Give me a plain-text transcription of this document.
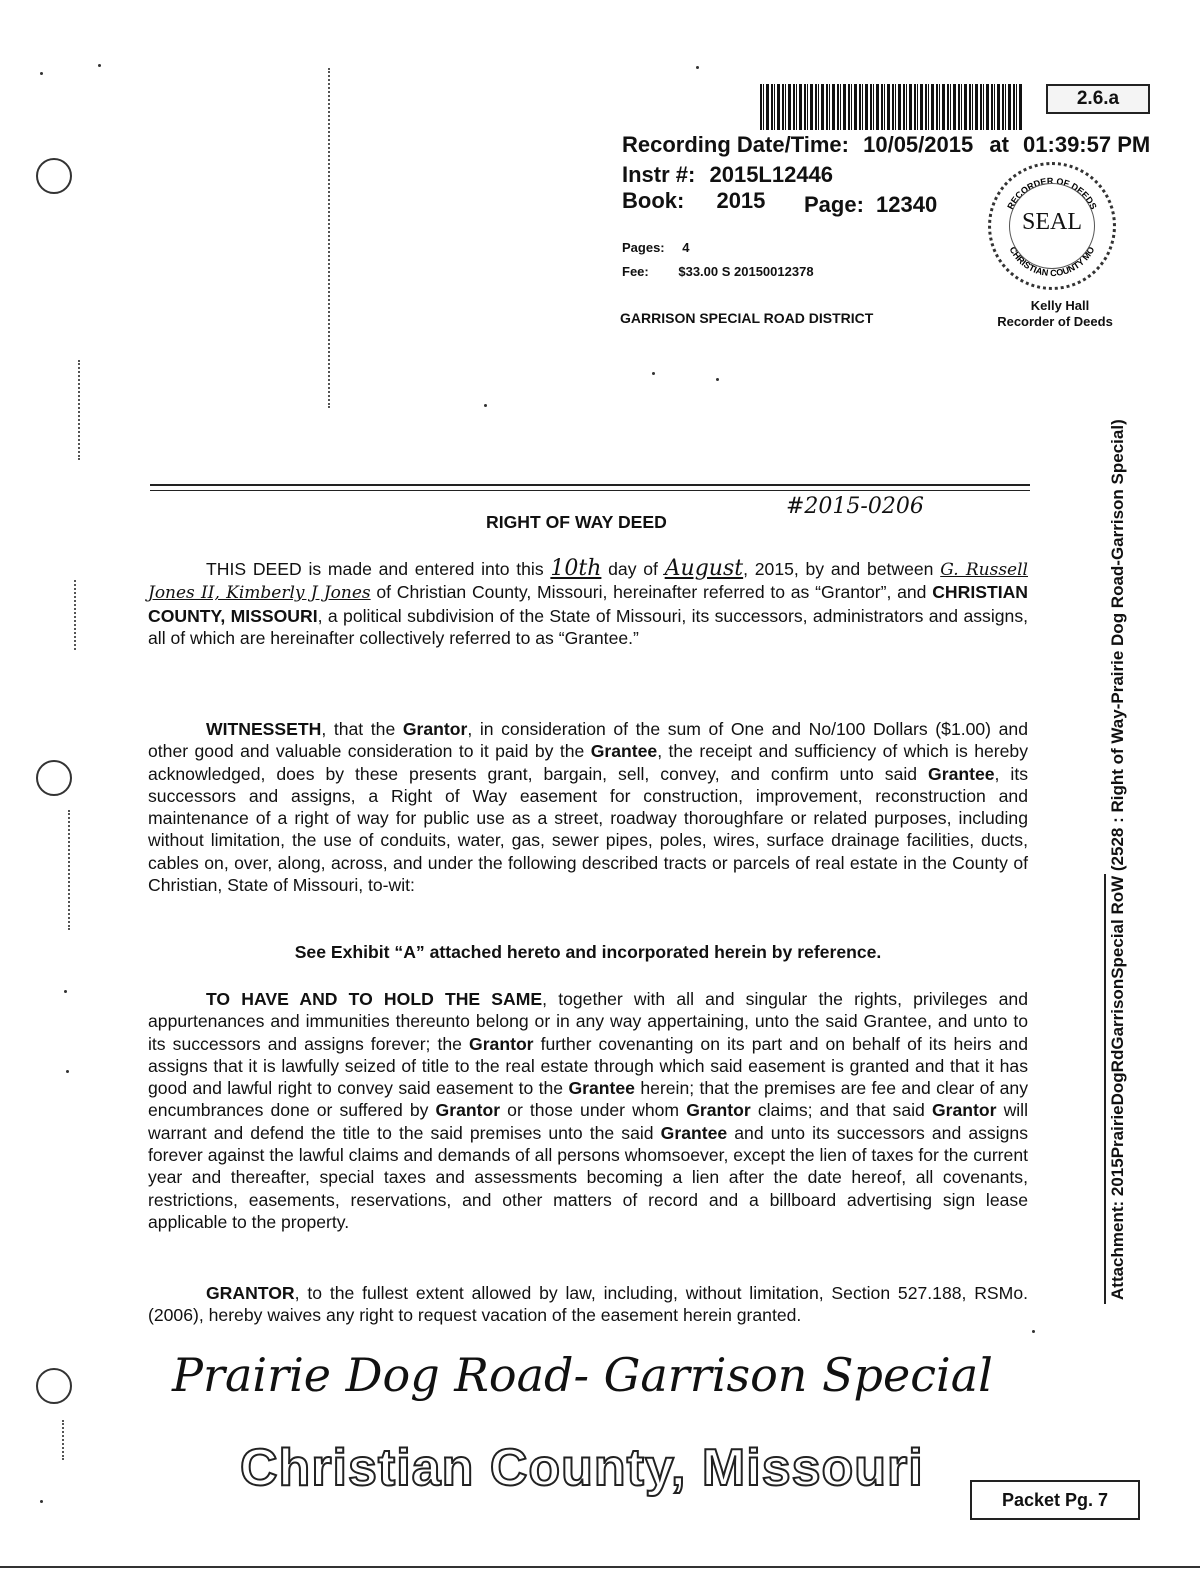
2.6.a
Recording Date/Time: 10/05/2015 at 01:39:57 PM
Instr #: 2015L12446
Book: 2015 Page: 12340
Pages: 4
Fee: $33.00 S 20150012378
GARRISON SPECIAL ROAD DISTRICT
RECORDER OF DEEDS
CHRISTIAN COUNTY MO
SEAL
Kelly Hall
Recorder of Deeds
RIGHT OF WAY DEED
#2015-0206
THIS DEED is made and entered into this 10th day of August, 2015, by and between G. Russell Jones II, Kimberly J Jones of Christian County, Missouri, hereinafter referred to as “Grantor”, and CHRISTIAN COUNTY, MISSOURI, a political subdivision of the State of Missouri, its successors, administrators and assigns, all of which are hereinafter collectively referred to as “Grantee.”
WITNESSETH, that the Grantor, in consideration of the sum of One and No/100 Dollars ($1.00) and other good and valuable consideration to it paid by the Grantee, the receipt and sufficiency of which is hereby acknowledged, does by these presents grant, bargain, sell, convey, and confirm unto said Grantee, its successors and assigns, a Right of Way easement for construction, improvement, reconstruction and maintenance of a right of way for public use as a street, roadway thoroughfare or related purposes, including without limitation, the use of conduits, water, gas, sewer pipes, poles, wires, surface drainage facilities, ducts, cables on, over, along, across, and under the following described tracts or parcels of real estate in the County of Christian, State of Missouri, to-wit:
See Exhibit “A” attached hereto and incorporated herein by reference.
TO HAVE AND TO HOLD THE SAME, together with all and singular the rights, privileges and appurtenances and immunities thereunto belong or in any way appertaining, unto the said Grantee, and unto to its successors and assigns forever; the Grantor further covenanting on its part and on behalf of its heirs and assigns that it is lawfully seized of title to the real estate through which said easement is granted and that it has good and lawful right to convey said easement to the Grantee herein; that the premises are fee and clear of any encumbrances done or suffered by Grantor or those under whom Grantor claims; and that said Grantor will warrant and defend the title to the said premises unto the said Grantee and unto its successors and assigns forever against the lawful claims and demands of all persons whomsoever, except the lien of taxes for the current year and thereafter, special taxes and assessments becoming a lien after the date hereof, all covenants, restrictions, easements, reservations, and other matters of record and a billboard advertising sign lease applicable to the property.
GRANTOR, to the fullest extent allowed by law, including, without limitation, Section 527.188, RSMo. (2006), hereby waives any right to request vacation of the easement herein granted.
Prairie Dog Road- Garrison Special
Christian County, Missouri
Packet Pg. 7
Attachment: 2015PrairieDogRdGarrisonSpecial RoW (2528 : Right of Way-Prairie Dog Road-Garrison Special)
